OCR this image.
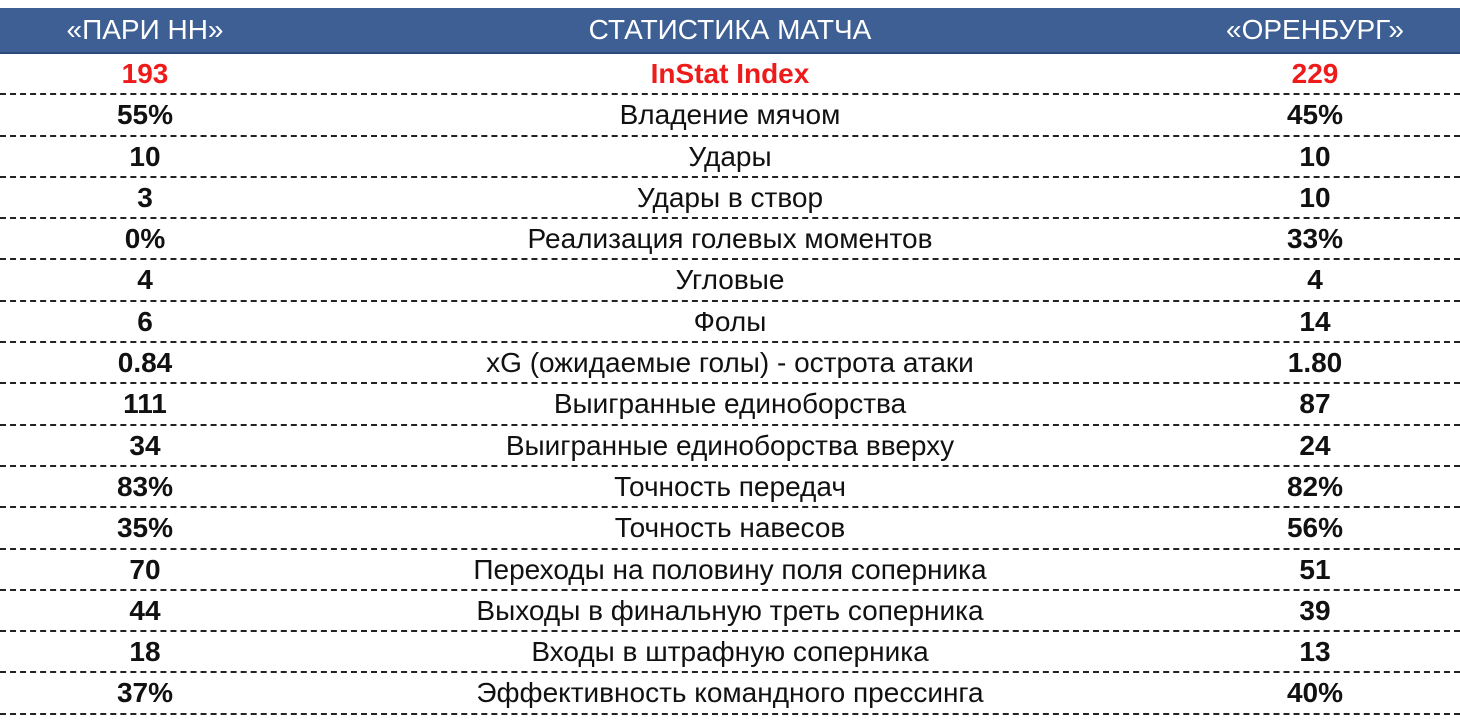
«ПАРИ НН»	СТАТИСТИКА МАТЧА	«ОРЕНБУРГ»
193	InStat Index	229
55%	Владение мячом	45%
10	Удары	10
3	Удары в створ	10
0%	Реализация голевых моментов	33%
4	Угловые	4
6	Фолы	14
0.84	xG (ожидаемые голы) - острота атаки	1.80
111	Выигранные единоборства	87
34	Выигранные единоборства вверху	24
83%	Точность передач	82%
35%	Точность навесов	56%
70	Переходы на половину поля соперника	51
44	Выходы в финальную треть соперника	39
18	Входы в штрафную соперника	13
37%	Эффективность командного прессинга	40%
